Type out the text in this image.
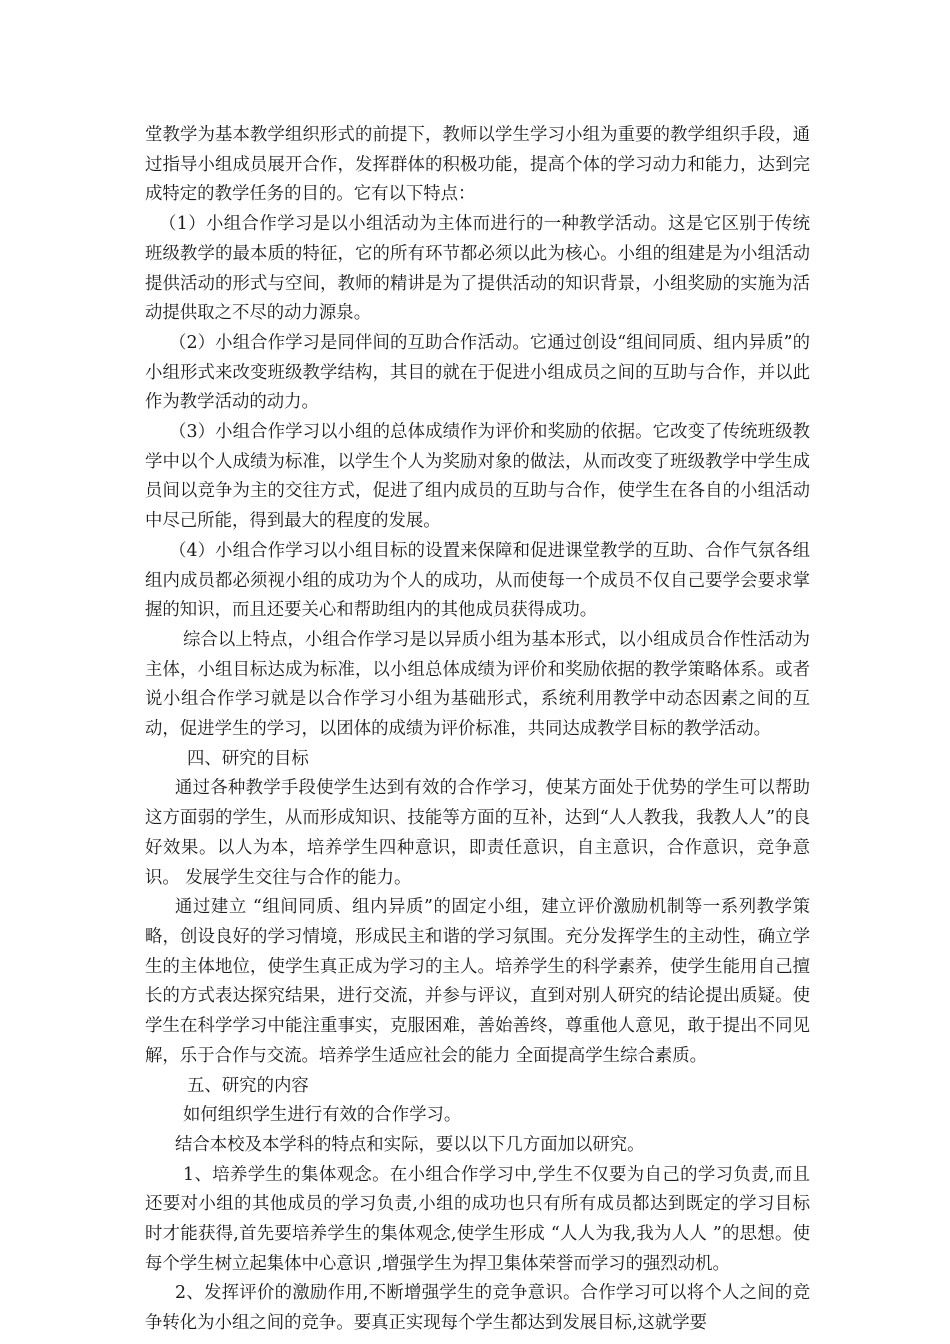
堂教学为基本教学组织形式的前提下，教师以学生学习小组为重要的教学组织手段，通过指导小组成员展开合作，发挥群体的积极功能，提高个体的学习动力和能力，达到完成特定的教学任务的目的。它有以下特点：

（1）小组合作学习是以小组活动为主体而进行的一种教学活动。这是它区别于传统班级教学的最本质的特征，它的所有环节都必须以此为核心。小组的组建是为小组活动提供活动的形式与空间，教师的精讲是为了提供活动的知识背景，小组奖励的实施为活动提供取之不尽的动力源泉。

（2）小组合作学习是同伴间的互助合作活动。它通过创设“组间同质、组内异质”的小组形式来改变班级教学结构，其目的就在于促进小组成员之间的互助与合作，并以此作为教学活动的动力。

（3）小组合作学习以小组的总体成绩作为评价和奖励的依据。它改变了传统班级教学中以个人成绩为标准，以学生个人为奖励对象的做法，从而改变了班级教学中学生成员间以竞争为主的交往方式，促进了组内成员的互助与合作，使学生在各自的小组活动中尽己所能，得到最大的程度的发展。

（4）小组合作学习以小组目标的设置来保障和促进课堂教学的互助、合作气氛各组组内成员都必须视小组的成功为个人的成功，从而使每一个成员不仅自己要学会要求掌握的知识，而且还要关心和帮助组内的其他成员获得成功。

综合以上特点，小组合作学习是以异质小组为基本形式，以小组成员合作性活动为主体，小组目标达成为标准，以小组总体成绩为评价和奖励依据的教学策略体系。或者说小组合作学习就是以合作学习小组为基础形式，系统利用教学中动态因素之间的互动，促进学生的学习，以团体的成绩为评价标准，共同达成教学目标的教学活动。

四、研究的目标

通过各种教学手段使学生达到有效的合作学习，使某方面处于优势的学生可以帮助这方面弱的学生，从而形成知识、技能等方面的互补，达到“人人教我，我教人人”的良好效果。以人为本，培养学生四种意识，即责任意识，自主意识，合作意识，竞争意识。 发展学生交往与合作的能力。

通过建立 “组间同质、组内异质”的固定小组，建立评价激励机制等一系列教学策略，创设良好的学习情境，形成民主和谐的学习氛围。充分发挥学生的主动性，确立学生的主体地位，使学生真正成为学习的主人。培养学生的科学素养，使学生能用自己擅长的方式表达探究结果，进行交流，并参与评议，直到对别人研究的结论提出质疑。使学生在科学学习中能注重事实，克服困难，善始善终，尊重他人意见，敢于提出不同见解，乐于合作与交流。培养学生适应社会的能力 全面提高学生综合素质。

五、研究的内容

如何组织学生进行有效的合作学习。

结合本校及本学科的特点和实际，要以以下几方面加以研究。

1、培养学生的集体观念。在小组合作学习中,学生不仅要为自己的学习负责,而且还要对小组的其他成员的学习负责,小组的成功也只有所有成员都达到既定的学习目标时才能获得,首先要培养学生的集体观念,使学生形成 “人人为我,我为人人 ”的思想。使每个学生树立起集体中心意识 ,增强学生为捍卫集体荣誉而学习的强烈动机。

2、发挥评价的激励作用,不断增强学生的竞争意识。合作学习可以将个人之间的竞争转化为小组之间的竞争。要真正实现每个学生都达到发展目标,这就学要
